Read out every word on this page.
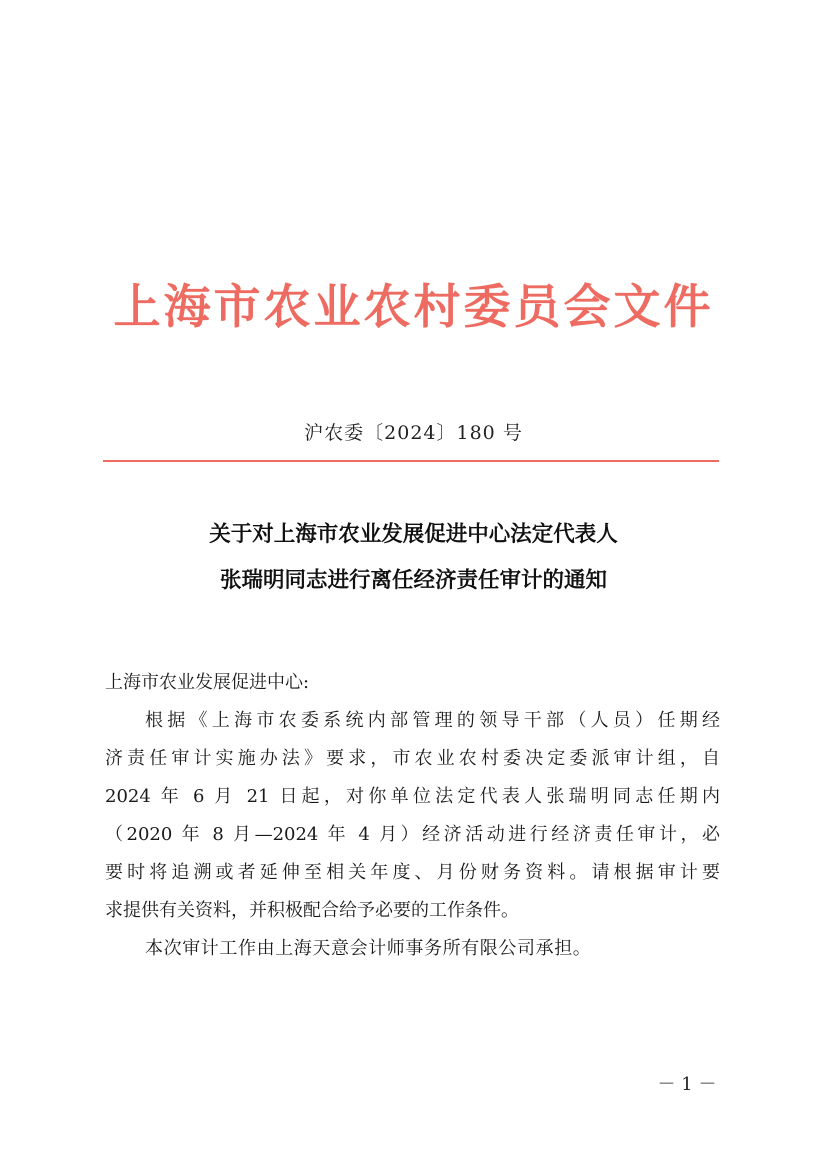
上海市农业农村委员会文件
沪农委〔2024〕180 号
关于对上海市农业发展促进中心法定代表人
张瑞明同志进行离任经济责任审计的通知
上海市农业发展促进中心:
根据《上海市农委系统内部管理的领导干部（人员）任期经
济责任审计实施办法》要求，市农业农村委决定委派审计组，自
2024 年 6 月 21 日起，对你单位法定代表人张瑞明同志任期内
（2020 年 8 月—2024 年 4 月）经济活动进行经济责任审计，必
要时将追溯或者延伸至相关年度、月份财务资料。请根据审计要
求提供有关资料，并积极配合给予必要的工作条件。
本次审计工作由上海天意会计师事务所有限公司承担。
－ 1 －
